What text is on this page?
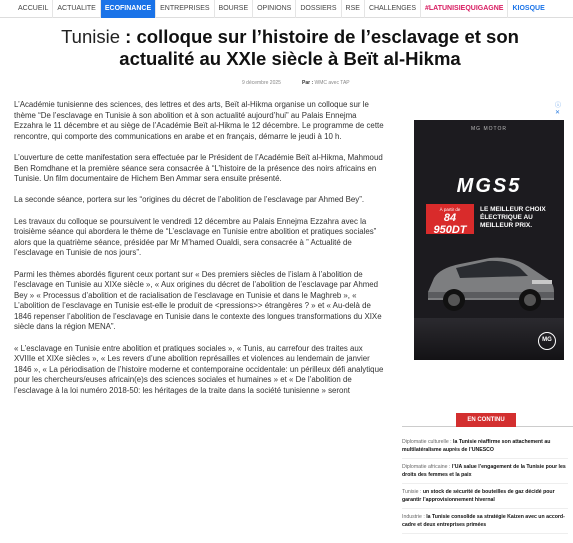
ACCUEIL	ACTUALITE	ECOFINANCE	ENTREPRISES	BOURSE	OPINIONS	DOSSIERS	RSE	CHALLENGES	#LATUNISIEQUIGAGNE	KIOSQUE
Tunisie : colloque sur l’histoire de l’esclavage et son actualité au XXIe siècle à Beït al-Hikma
9 décembre 2025	Par : WMC avec TAP

L’Académie tunisienne des sciences, des lettres et des arts, Beït al-Hikma organise un colloque sur le thème “De l’esclavage en Tunisie à son abolition et à son actualité aujourd’hui” au Palais Ennejma Ezzahra le 11 décembre et au siège de l’Académie Beït al-Hikma le 12 décembre. Le programme de cette rencontre, qui comporte des communications en arabe et en français, démarre le jeudi à 10 h.

L’ouverture de cette manifestation sera effectuée par le Président de l’Académie Beït al-Hikma, Mahmoud Ben Romdhane et la première séance sera consacrée à “L’histoire de la présence des noirs africains en Tunisie. Un film documentaire de Hichem Ben Ammar sera ensuite présenté.

La seconde séance, portera sur les “origines du décret de l’abolition de l’esclavage par Ahmed Bey”.

Les travaux du colloque se poursuivent le vendredi 12 décembre au Palais Ennejma Ezzahra avec la troisième séance qui abordera le thème de “L’esclavage en Tunisie entre abolition et pratiques sociales” alors que la quatrième séance, présidée par Mr M’hamed Oualdi, sera consacrée à ” Actualité de l’esclavage en Tunisie de nos jours”.

Parmi les thèmes abordés figurent ceux portant sur « Des premiers siècles de l’islam à l’abolition de l’esclavage en Tunisie au XIXe siècle », « Aux origines du décret de l’abolition de l’esclavage par Ahmed Bey » « Processus d’abolition et de racialisation de l’esclavage en Tunisie et dans le Maghreb », « L’abolition de l’esclavage en Tunisie est-elle le produit de <pressions>> étrangères ? » et « Au-delà de 1846 repenser l’abolition de l’esclavage en Tunisie dans le contexte des longues transformations du XIXe siècle dans la région MENA”.

« L’esclavage en Tunisie entre abolition et pratiques sociales », « Tunis, au carrefour des traites aux XVIIIe et XIXe siècles », « Les revers d’une abolition représailles et violences au lendemain de janvier 1846 », « La périodisation de l’histoire moderne et contemporaine occidentale: un périlleux défi analytique pour les chercheurs/euses africain(e)s des sciences sociales et humaines » et « De l’abolition de l’esclavage à la loi numéro 2018-50: les héritages de la traite dans la société tunisienne » seront

ⓘ ✕
MG MOTOR
MGS5
À partir de
84 950DT
LE MEILLEUR CHOIX ÉLECTRIQUE AU MEILLEUR PRIX.
MG
EN CONTINU
Diplomatie culturelle : la Tunisie réaffirme son attachement au multilatéralisme auprès de l’UNESCO
Diplomatie africaine : l’UA salue l’engagement de la Tunisie pour les droits des femmes et la paix
Tunisie : un stock de sécurité de bouteilles de gaz décidé pour garantir l’approvisionnement hivernal
Industrie : la Tunisie consolide sa stratégie Kaizen avec un accord-cadre et deux entreprises primées
